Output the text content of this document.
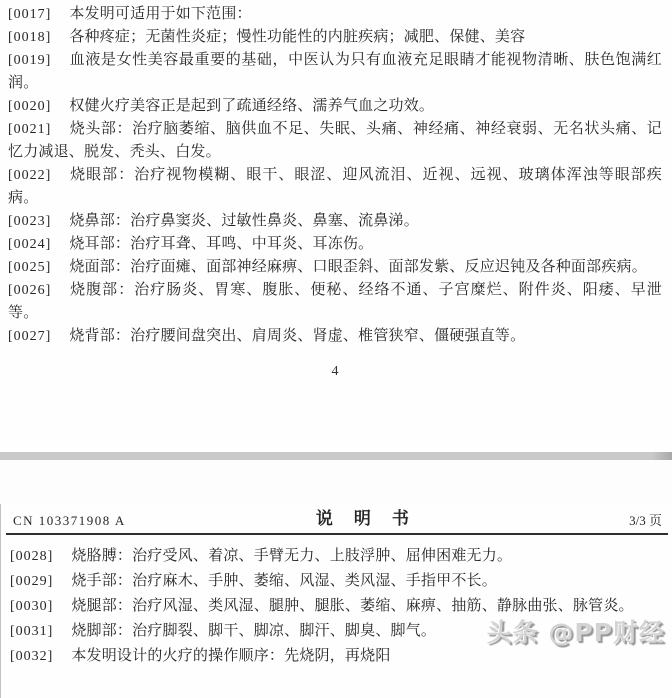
[0017] 本发明可适用于如下范围：

[0018] 各种疼症；无菌性炎症；慢性功能性的内脏疾病；减肥、保健、美容

[0019] 血液是女性美容最重要的基础，中医认为只有血液充足眼睛才能视物清晰、肤色饱满红润。

[0020] 权健火疗美容正是起到了疏通经络、濡养气血之功效。

[0021] 烧头部：治疗脑萎缩、脑供血不足、失眠、头痛、神经痛、神经衰弱、无名状头痛、记忆力减退、脱发、秃头、白发。

[0022] 烧眼部：治疗视物模糊、眼干、眼涩、迎风流泪、近视、远视、玻璃体浑浊等眼部疾病。

[0023] 烧鼻部：治疗鼻窦炎、过敏性鼻炎、鼻塞、流鼻涕。

[0024] 烧耳部：治疗耳聋、耳鸣、中耳炎、耳冻伤。

[0025] 烧面部：治疗面瘫、面部神经麻痹、口眼歪斜、面部发紫、反应迟钝及各种面部疾病。

[0026] 烧腹部：治疗肠炎、胃寒、腹胀、便秘、经络不通、子宫糜烂、附件炎、阳痿、早泄等。

[0027] 烧背部：治疗腰间盘突出、肩周炎、肾虚、椎管狭窄、僵硬强直等。

4
CN 103371908 A	说　明　书	3/3 页

[0028] 烧胳膊：治疗受风、着凉、手臂无力、上肢浮肿、屈伸困难无力。

[0029] 烧手部：治疗麻木、手肿、萎缩、风湿、类风湿、手指甲不长。

[0030] 烧腿部：治疗风湿、类风湿、腿肿、腿胀、萎缩、麻痹、抽筋、静脉曲张、脉管炎。

[0031] 烧脚部：治疗脚裂、脚干、脚凉、脚汗、脚臭、脚气。

[0032] 本发明设计的火疗的操作顺序：先烧阴，再烧阳

头条 @PP财经
